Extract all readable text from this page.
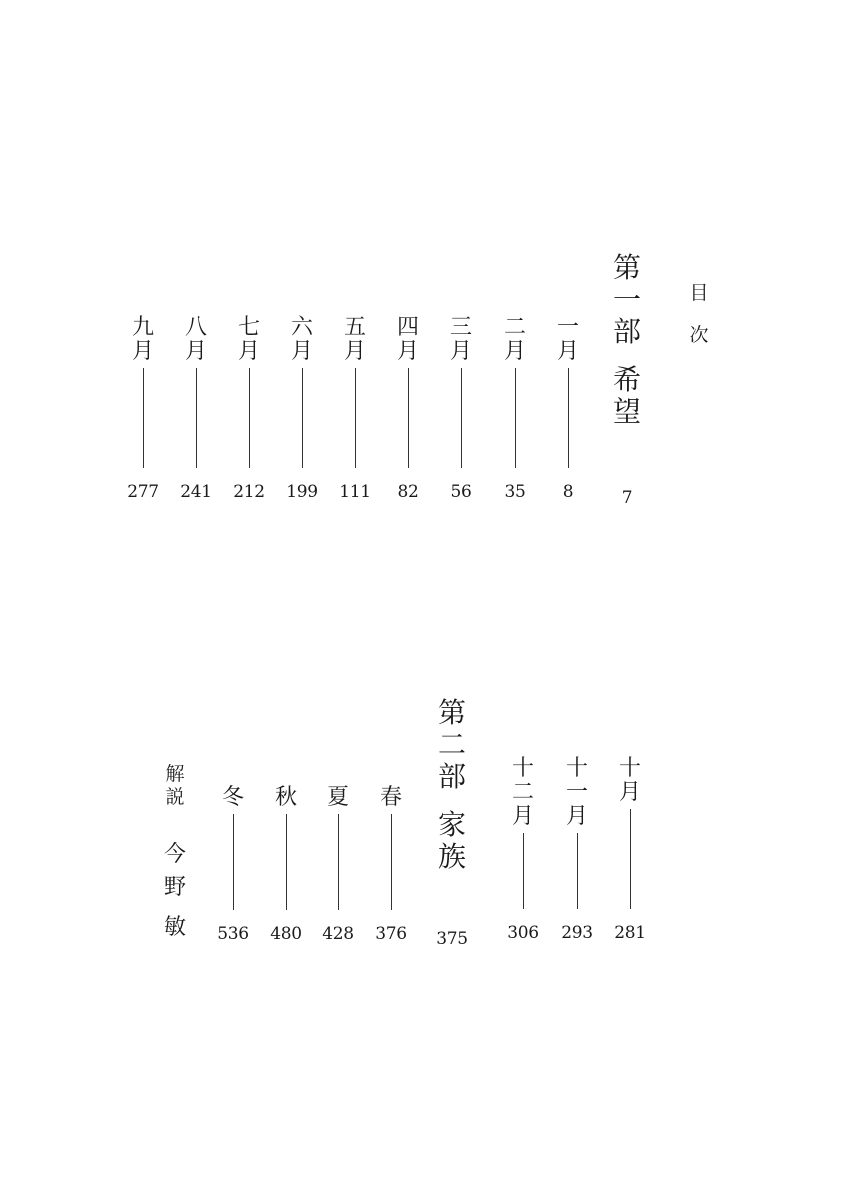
目
次
第
一
部
希
望
7
一
月
8
二
月
35
三
月
56
四
月
82
五
月
111
六
月
199
七
月
212
八
月
241
九
月
277
十
月
281
十
一
月
293
十
二
月
306
第
二
部
家
族
375
春
376
夏
428
秋
480
冬
536
解
説
今
野
敏
